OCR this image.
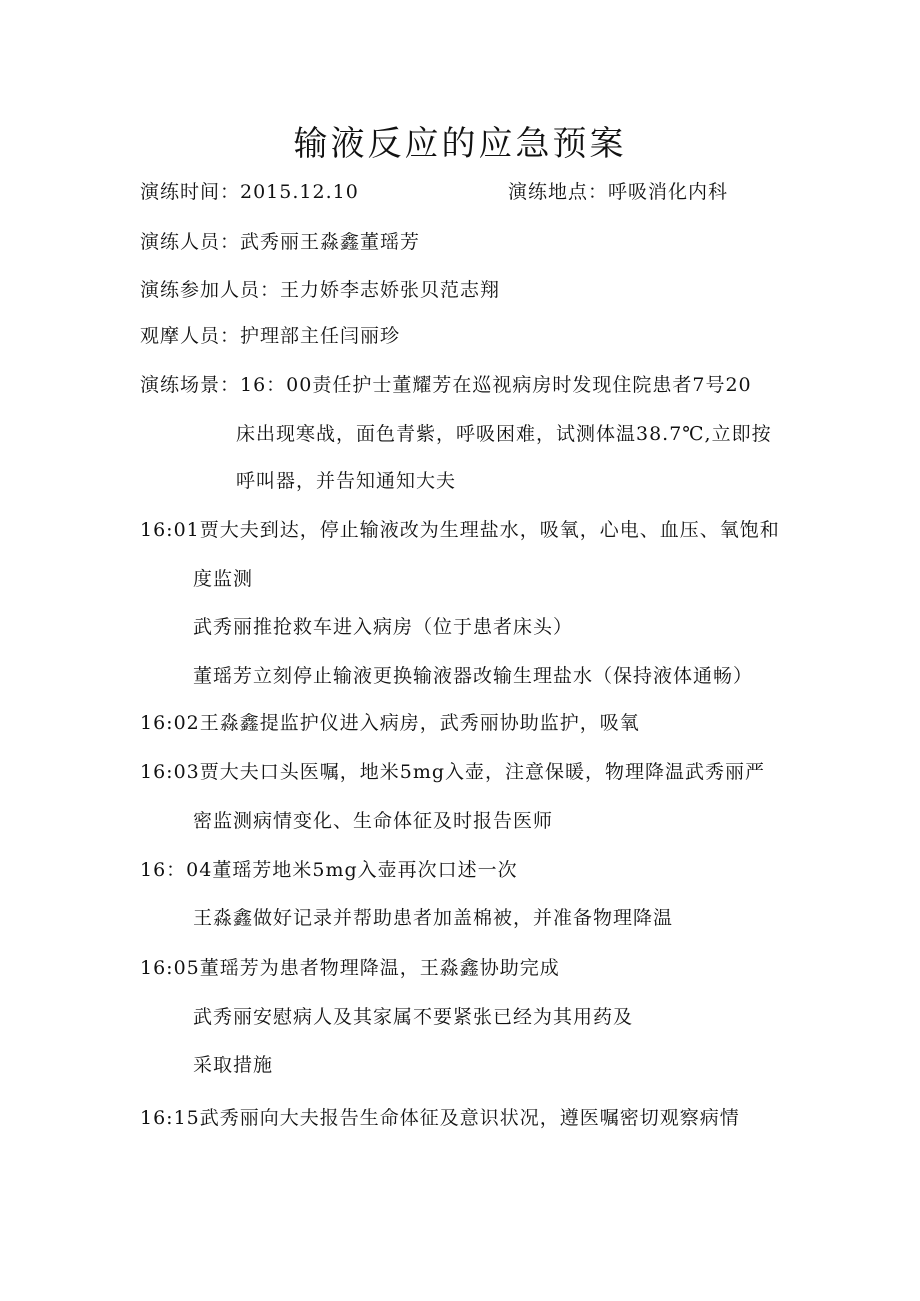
输液反应的应急预案
演练时间：2015.12.10	演练地点：呼吸消化内科
演练人员：武秀丽王淼鑫董瑶芳
演练参加人员：王力娇李志娇张贝范志翔
观摩人员：护理部主任闫丽珍
演练场景：16：00责任护士董耀芳在巡视病房时发现住院患者7号20
床出现寒战，面色青紫，呼吸困难，试测体温38.7℃,立即按
呼叫器，并告知通知大夫
16:01贾大夫到达，停止输液改为生理盐水，吸氧，心电、血压、氧饱和
度监测
武秀丽推抢救车进入病房（位于患者床头）
董瑶芳立刻停止输液更换输液器改输生理盐水（保持液体通畅）
16:02王淼鑫提监护仪进入病房，武秀丽协助监护，吸氧
16:03贾大夫口头医嘱，地米5mg入壶，注意保暖，物理降温武秀丽严
密监测病情变化、生命体征及时报告医师
16：04董瑶芳地米5mg入壶再次口述一次
王淼鑫做好记录并帮助患者加盖棉被，并准备物理降温
16:05董瑶芳为患者物理降温，王淼鑫协助完成
武秀丽安慰病人及其家属不要紧张已经为其用药及
采取措施
16:15武秀丽向大夫报告生命体征及意识状况，遵医嘱密切观察病情
